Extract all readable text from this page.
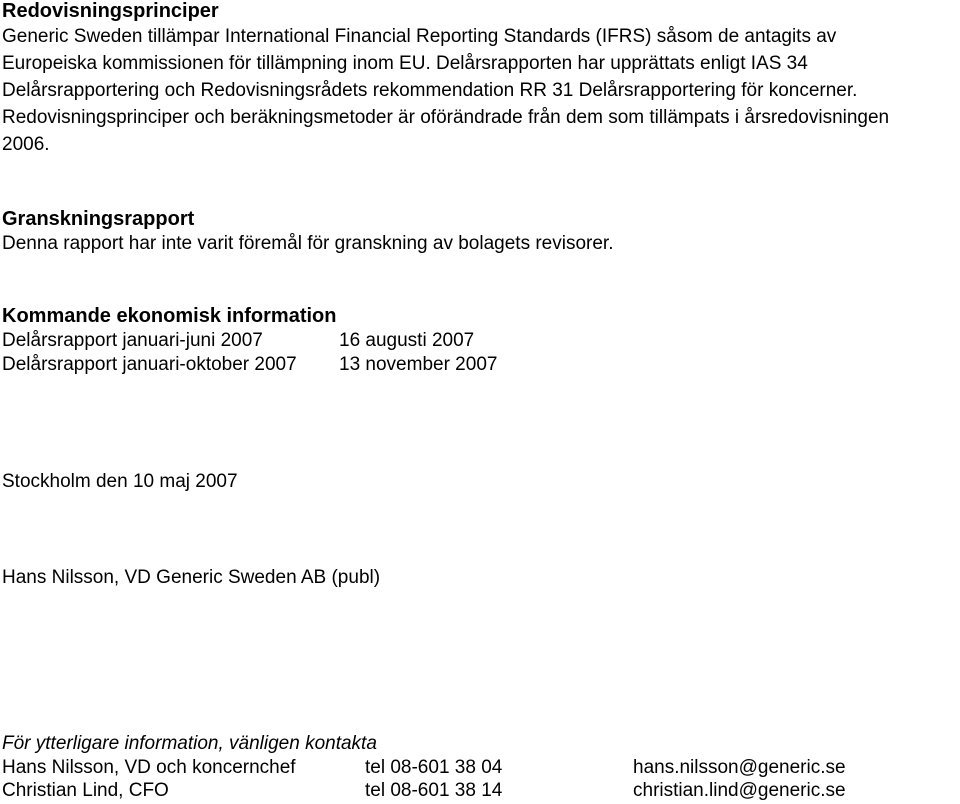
Redovisningsprinciper
Generic Sweden tillämpar International Financial Reporting Standards (IFRS) såsom de antagits av
Europeiska kommissionen för tillämpning inom EU. Delårsrapporten har upprättats enligt IAS 34
Delårsrapportering och Redovisningsrådets rekommendation RR 31 Delårsrapportering för koncerner.
Redovisningsprinciper och beräkningsmetoder är oförändrade från dem som tillämpats i årsredovisningen
2006.
Granskningsrapport
Denna rapport har inte varit föremål för granskning av bolagets revisorer.
Kommande ekonomisk information
Delårsrapport januari-juni 2007	16 augusti 2007
Delårsrapport januari-oktober 2007 13 november 2007
Stockholm den 10 maj 2007
Hans Nilsson, VD Generic Sweden AB (publ)
För ytterligare information, vänligen kontakta
Hans Nilsson, VD och koncernchef	tel 08-601 38 04	hans.nilsson@generic.se
Christian Lind, CFO	tel 08-601 38 14	christian.lind@generic.se
